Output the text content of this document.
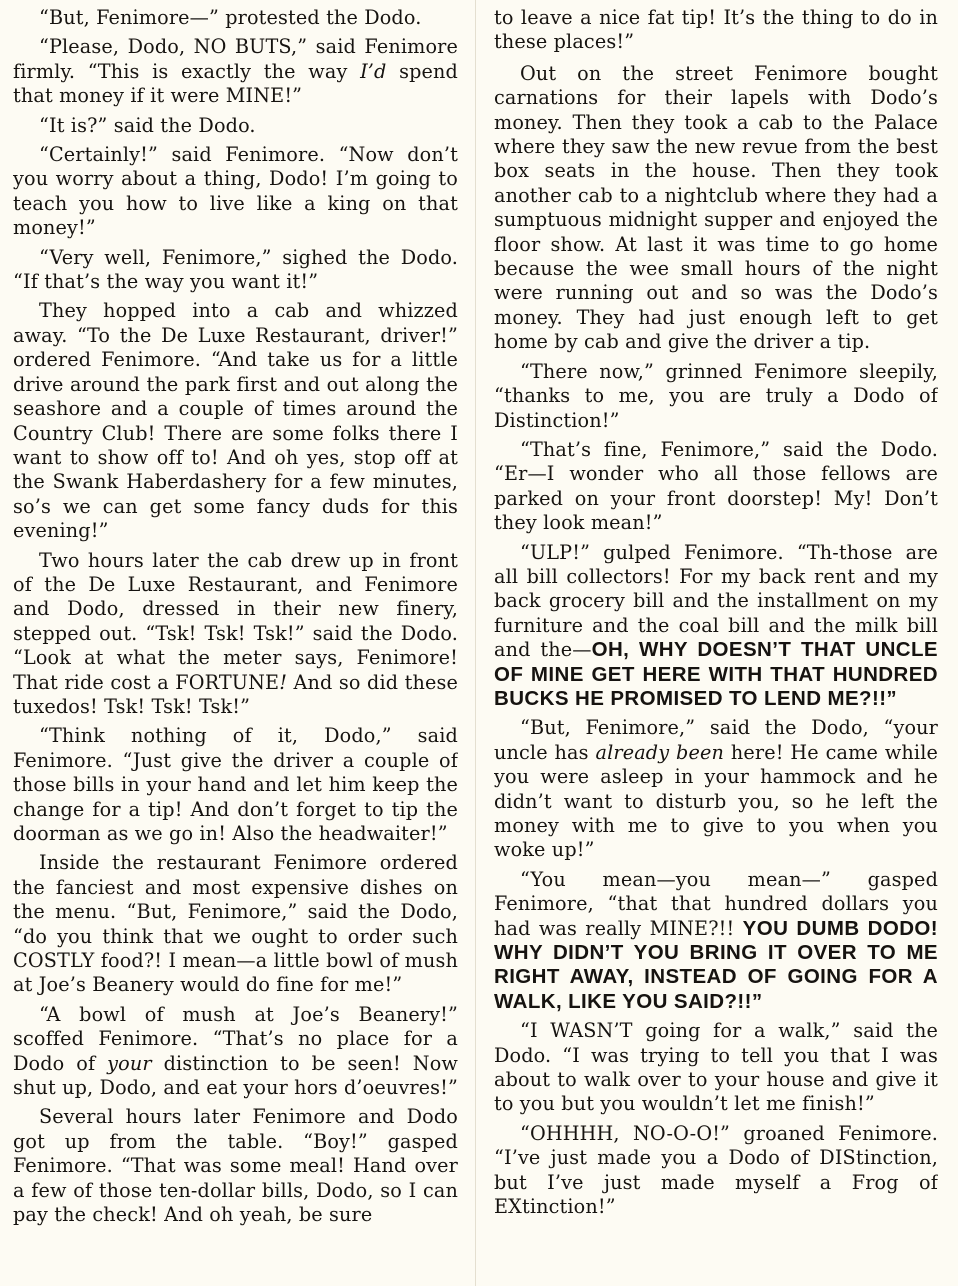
“But, Fenimore—” protested the Dodo.

“Please, Dodo, NO BUTS,” said Fenimore firmly. “This is exactly the way I’d spend that money if it were MINE!”

“It is?” said the Dodo.

“Certainly!” said Fenimore. “Now don’t you worry about a thing, Dodo! I’m going to teach you how to live like a king on that money!”

“Very well, Fenimore,” sighed the Dodo. “If that’s the way you want it!”

They hopped into a cab and whizzed away. “To the De Luxe Restaurant, driver!” ordered Fenimore. “And take us for a little drive around the park first and out along the seashore and a couple of times around the Country Club! There are some folks there I want to show off to! And oh yes, stop off at the Swank Haberdashery for a few minutes, so’s we can get some fancy duds for this evening!”

Two hours later the cab drew up in front of the De Luxe Restaurant, and Fenimore and Dodo, dressed in their new finery, stepped out. “Tsk! Tsk! Tsk!” said the Dodo. “Look at what the meter says, Fenimore! That ride cost a FORTUNE! And so did these tuxedos! Tsk! Tsk! Tsk!”

“Think nothing of it, Dodo,” said Fenimore. “Just give the driver a couple of those bills in your hand and let him keep the change for a tip! And don’t forget to tip the doorman as we go in! Also the headwaiter!”

Inside the restaurant Fenimore ordered the fanciest and most expensive dishes on the menu. “But, Fenimore,” said the Dodo, “do you think that we ought to order such COSTLY food?! I mean—a little bowl of mush at Joe’s Beanery would do fine for me!”

“A bowl of mush at Joe’s Beanery!” scoffed Fenimore. “That’s no place for a Dodo of your distinction to be seen! Now shut up, Dodo, and eat your hors d’oeuvres!”

Several hours later Fenimore and Dodo got up from the table. “Boy!” gasped Fenimore. “That was some meal! Hand over a few of those ten-dollar bills, Dodo, so I can pay the check! And oh yeah, be sure

to leave a nice fat tip! It’s the thing to do in these places!”

Out on the street Fenimore bought carnations for their lapels with Dodo’s money. Then they took a cab to the Palace where they saw the new revue from the best box seats in the house. Then they took another cab to a nightclub where they had a sumptuous midnight supper and enjoyed the floor show. At last it was time to go home because the wee small hours of the night were running out and so was the Dodo’s money. They had just enough left to get home by cab and give the driver a tip.

“There now,” grinned Fenimore sleepily, “thanks to me, you are truly a Dodo of Distinction!”

“That’s fine, Fenimore,” said the Dodo. “Er—I wonder who all those fellows are parked on your front doorstep! My! Don’t they look mean!”

“ULP!” gulped Fenimore. “Th-those are all bill collectors! For my back rent and my back grocery bill and the installment on my furniture and the coal bill and the milk bill and the—OH, WHY DOESN’T THAT UNCLE OF MINE GET HERE WITH THAT HUNDRED BUCKS HE PROMISED TO LEND ME?!!”

“But, Fenimore,” said the Dodo, “your uncle has already been here! He came while you were asleep in your hammock and he didn’t want to disturb you, so he left the money with me to give to you when you woke up!”

“You mean—you mean—” gasped Fenimore, “that that hundred dollars you had was really MINE?!! YOU DUMB DODO! WHY DIDN’T YOU BRING IT OVER TO ME RIGHT AWAY, INSTEAD OF GOING FOR A WALK, LIKE YOU SAID?!!”

“I WASN’T going for a walk,” said the Dodo. “I was trying to tell you that I was about to walk over to your house and give it to you but you wouldn’t let me finish!”

“OHHHH, NO-O-O!” groaned Fenimore. “I’ve just made you a Dodo of DIStinction, but I’ve just made myself a Frog of EXtinction!”
